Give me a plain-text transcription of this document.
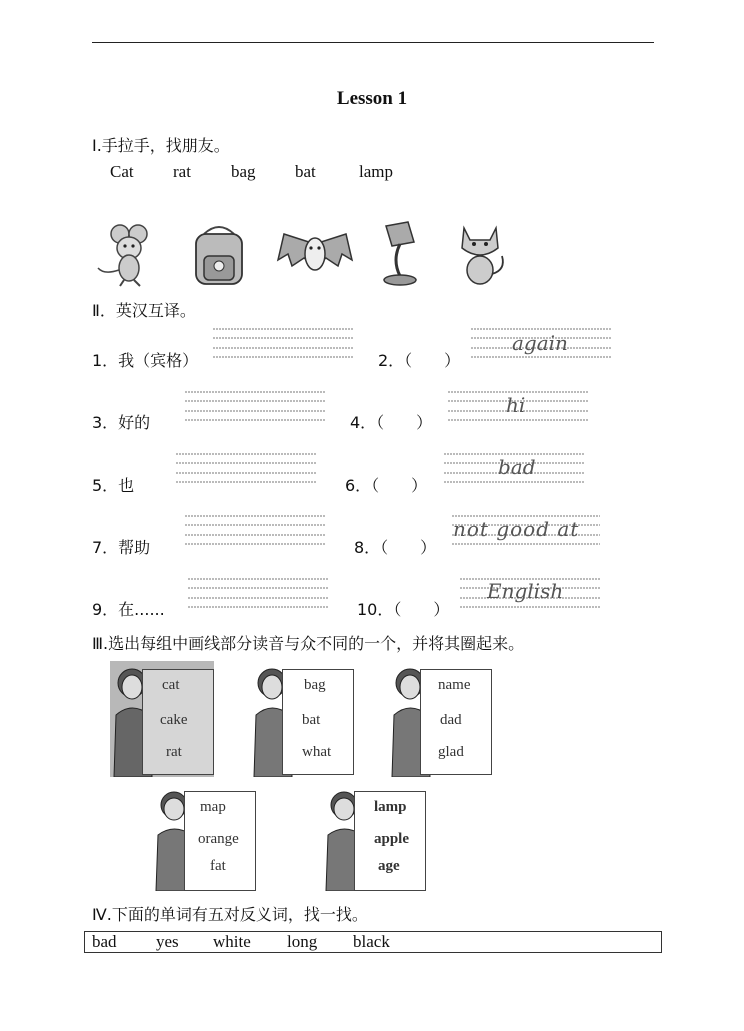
Lesson 1
I.手拉手，找朋友。
Cat rat bag bat	lamp
Ⅱ．英汉互译。
1．我（宾格）	2．（　　）
again
3．好的	4．（　　）
hi
5．也	6．（　　）
bad
7．帮助	8．（　　）
not good at
9．在......	10．（　　）
English
Ⅲ.选出每组中画线部分读音与众不同的一个，并将其圈起来。
cat
cake
rat
bag
bat
what
name
dad
glad
map
orange
fat
lamp
apple
age
Ⅳ.下面的单词有五对反义词，找一找。
bad yes white long black
